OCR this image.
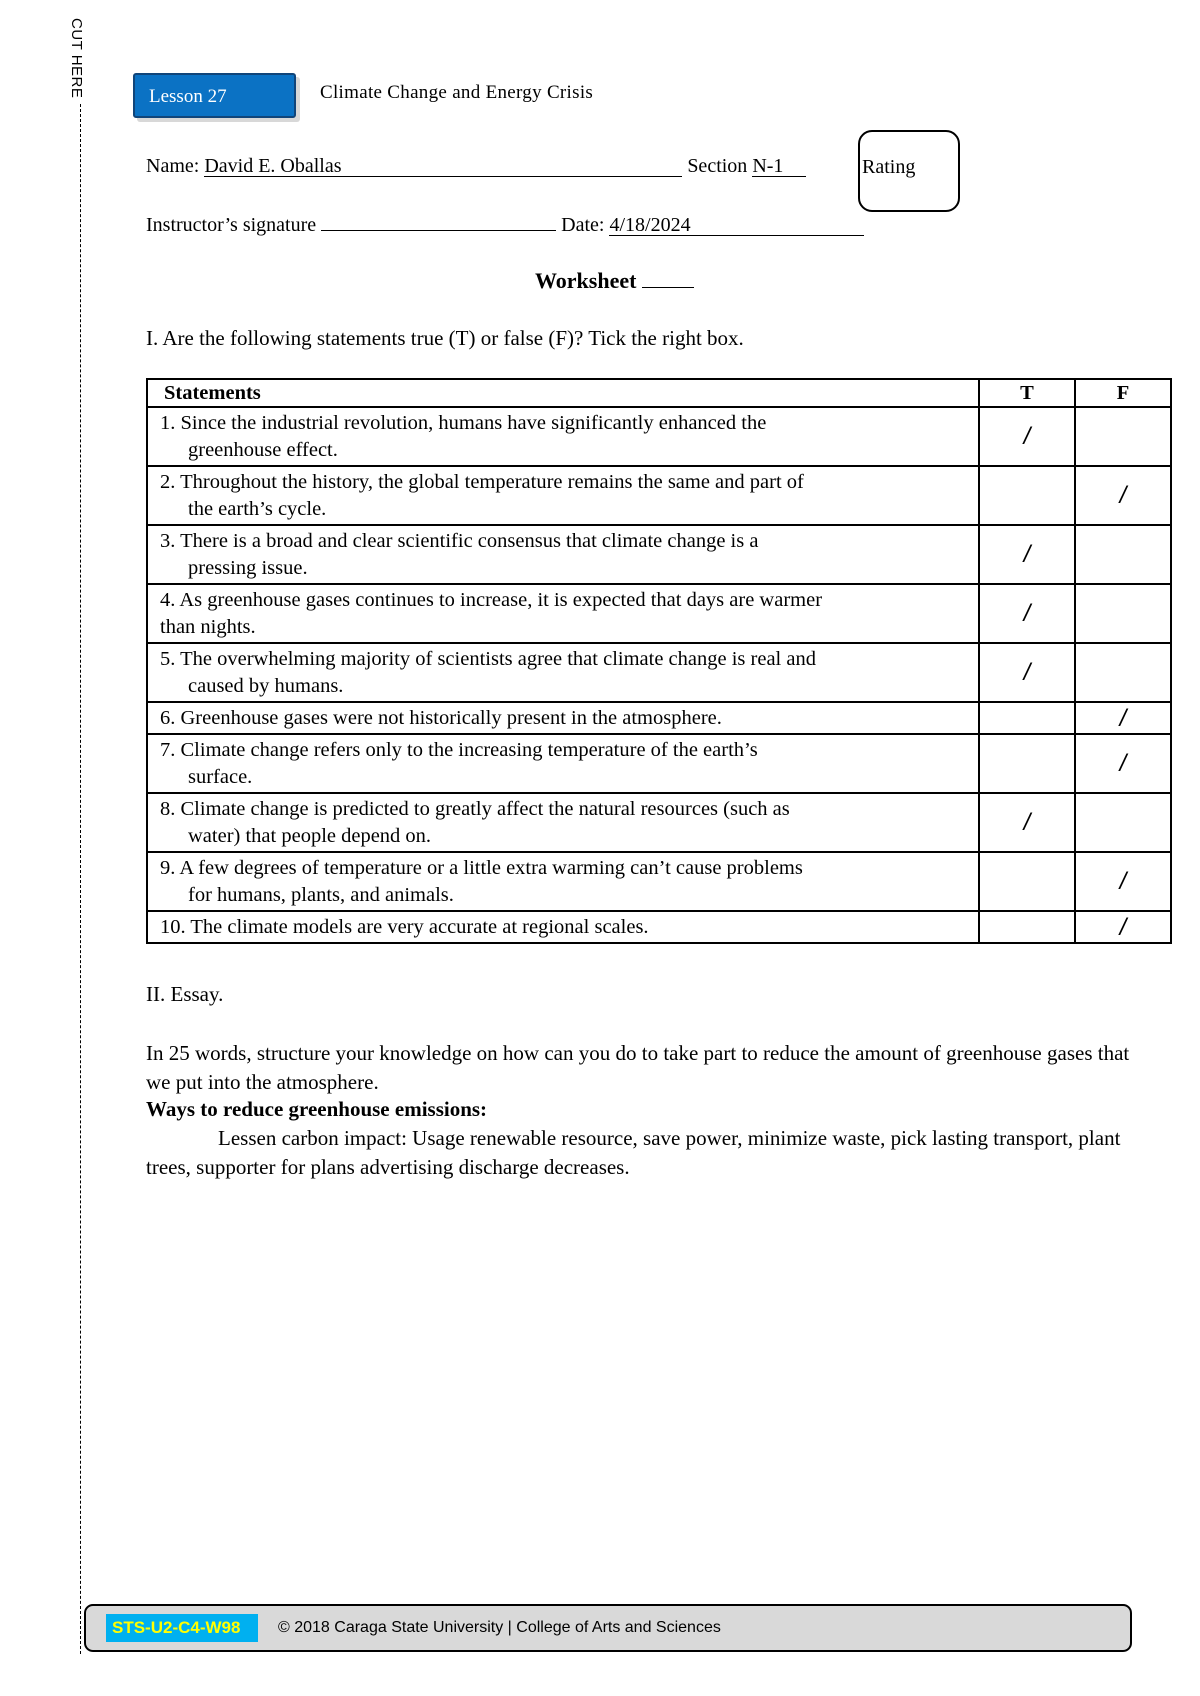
CUT HERE	Lesson 27	Climate Change and Energy Crisis
Name: David E. Oballas	Section N-1	Rating
Instructor’s signature	Date: 4/18/2024
Worksheet
I. Are the following statements true (T) or false (F)? Tick the right box.
Statements	T	F
1. Since the industrial revolution, humans have significantly enhanced the
greenhouse effect.	/	
2. Throughout the history, the global temperature remains the same and part of
the earth’s cycle.		/
3. There is a broad and clear scientific consensus that climate change is a
pressing issue.	/	
4. As greenhouse gases continues to increase, it is expected that days are warmer
than nights.	/	
5. The overwhelming majority of scientists agree that climate change is real and
caused by humans.	/	
6. Greenhouse gases were not historically present in the atmosphere.		/
7. Climate change refers only to the increasing temperature of the earth’s
surface.		/
8. Climate change is predicted to greatly affect the natural resources (such as
water) that people depend on.	/	
9. A few degrees of temperature or a little extra warming can’t cause problems
for humans, plants, and animals.		/
10. The climate models are very accurate at regional scales.		/
II. Essay.
In 25 words, structure your knowledge on how can you do to take part to reduce the amount of greenhouse gases that we put into the atmosphere.
Ways to reduce greenhouse emissions:
Lessen carbon impact: Usage renewable resource, save power, minimize waste, pick lasting transport, plant trees, supporter for plans advertising discharge decreases.
STS-U2-C4-W98	© 2018 Caraga State University | College of Arts and Sciences
